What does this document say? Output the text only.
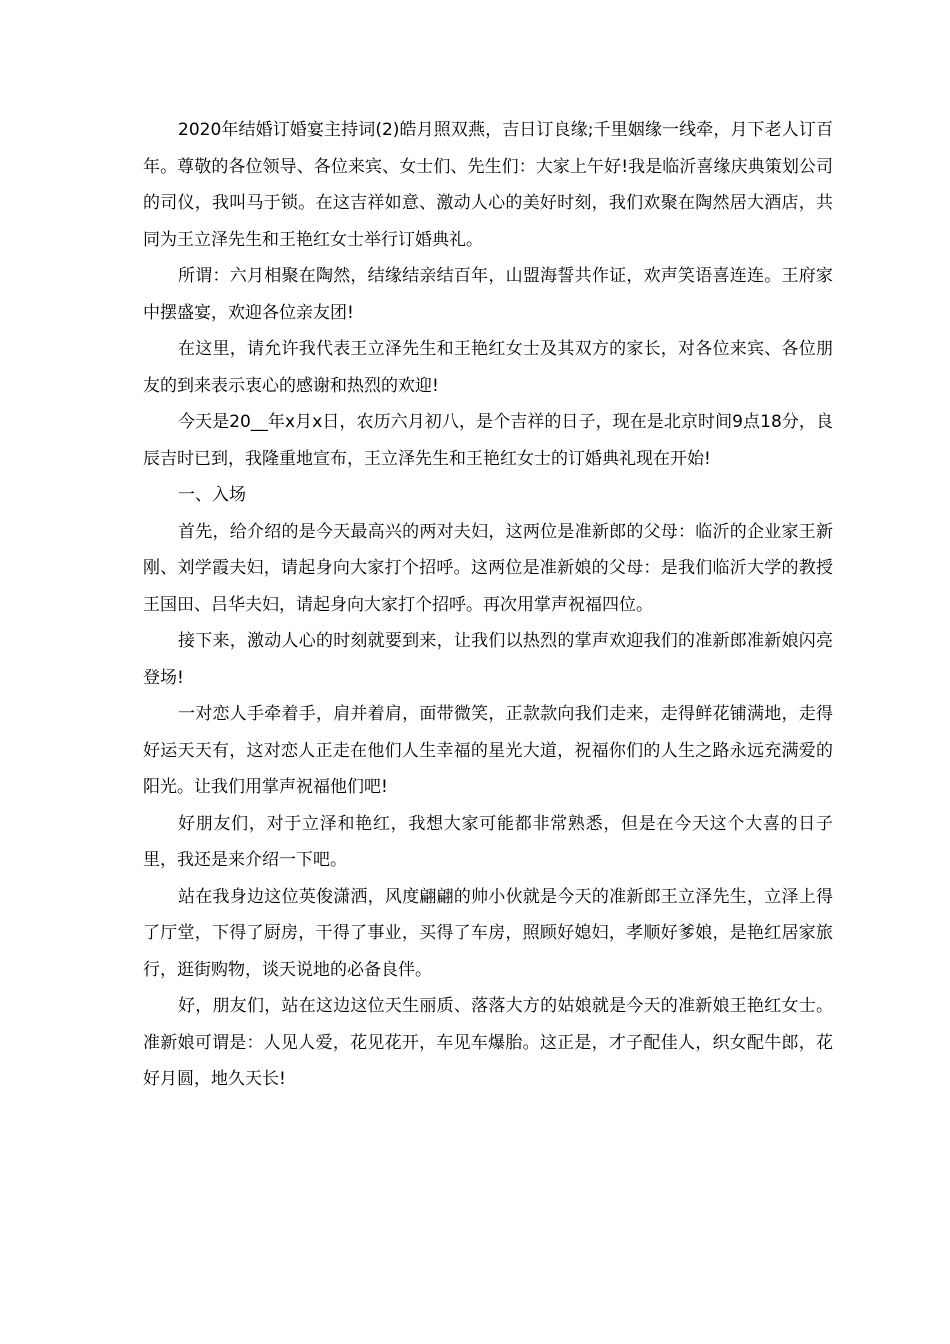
2020年结婚订婚宴主持词(2)皓月照双燕，吉日订良缘;千里姻缘一线牵，月下老人订百年。尊敬的各位领导、各位来宾、女士们、先生们：大家上午好!我是临沂喜缘庆典策划公司的司仪，我叫马于锁。在这吉祥如意、激动人心的美好时刻，我们欢聚在陶然居大酒店，共同为王立泽先生和王艳红女士举行订婚典礼。

所谓：六月相聚在陶然，结缘结亲结百年，山盟海誓共作证，欢声笑语喜连连。王府家中摆盛宴，欢迎各位亲友团!

在这里，请允许我代表王立泽先生和王艳红女士及其双方的家长，对各位来宾、各位朋友的到来表示衷心的感谢和热烈的欢迎!

今天是20__年x月x日，农历六月初八，是个吉祥的日子，现在是北京时间9点18分，良辰吉时已到，我隆重地宣布，王立泽先生和王艳红女士的订婚典礼现在开始!

一、入场

首先，给介绍的是今天最高兴的两对夫妇，这两位是准新郎的父母：临沂的企业家王新刚、刘学霞夫妇，请起身向大家打个招呼。这两位是准新娘的父母：是我们临沂大学的教授王国田、吕华夫妇，请起身向大家打个招呼。再次用掌声祝福四位。

接下来，激动人心的时刻就要到来，让我们以热烈的掌声欢迎我们的准新郎准新娘闪亮登场!

一对恋人手牵着手，肩并着肩，面带微笑，正款款向我们走来，走得鲜花铺满地，走得好运天天有，这对恋人正走在他们人生幸福的星光大道，祝福你们的人生之路永远充满爱的阳光。让我们用掌声祝福他们吧!

好朋友们，对于立泽和艳红，我想大家可能都非常熟悉，但是在今天这个大喜的日子里，我还是来介绍一下吧。

站在我身边这位英俊潇洒，风度翩翩的帅小伙就是今天的准新郎王立泽先生，立泽上得了厅堂，下得了厨房，干得了事业，买得了车房，照顾好媳妇，孝顺好爹娘，是艳红居家旅行，逛街购物，谈天说地的必备良伴。

好，朋友们，站在这边这位天生丽质、落落大方的姑娘就是今天的准新娘王艳红女士。准新娘可谓是：人见人爱，花见花开，车见车爆胎。这正是，才子配佳人，织女配牛郎，花好月圆，地久天长!
